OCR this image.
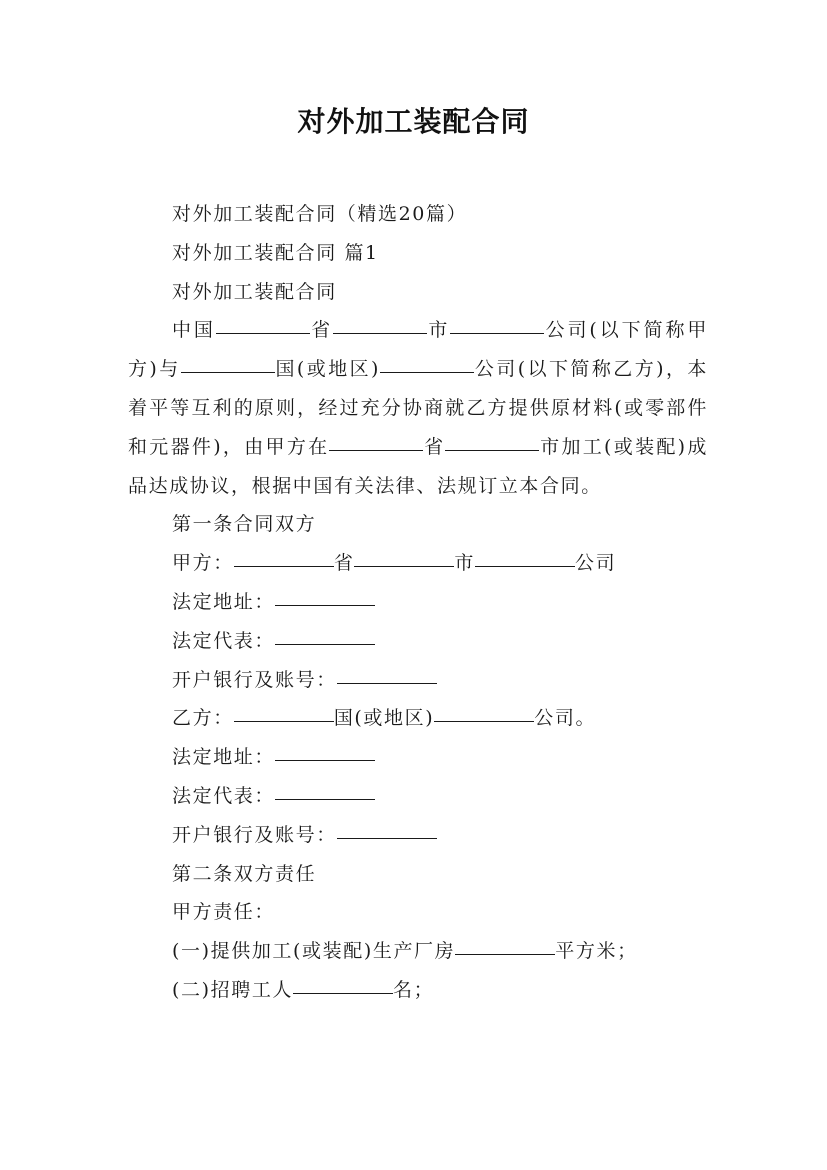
对外加工装配合同

对外加工装配合同（精选20篇）

对外加工装配合同 篇1

对外加工装配合同

中国	省	市	公司(以下简称甲方)与	国(或地区)	公司(以下简称乙方)，本着平等互利的原则，经过充分协商就乙方提供原材料(或零部件和元器件)，由甲方在	省	市加工(或装配)成品达成协议，根据中国有关法律、法规订立本合同。

第一条合同双方

甲方：	省	市	公司

法定地址：

法定代表：

开户银行及账号：

乙方：	国(或地区)	公司。

法定地址：

法定代表：

开户银行及账号：

第二条双方责任

甲方责任：

(一)提供加工(或装配)生产厂房	平方米；

(二)招聘工人	名；
